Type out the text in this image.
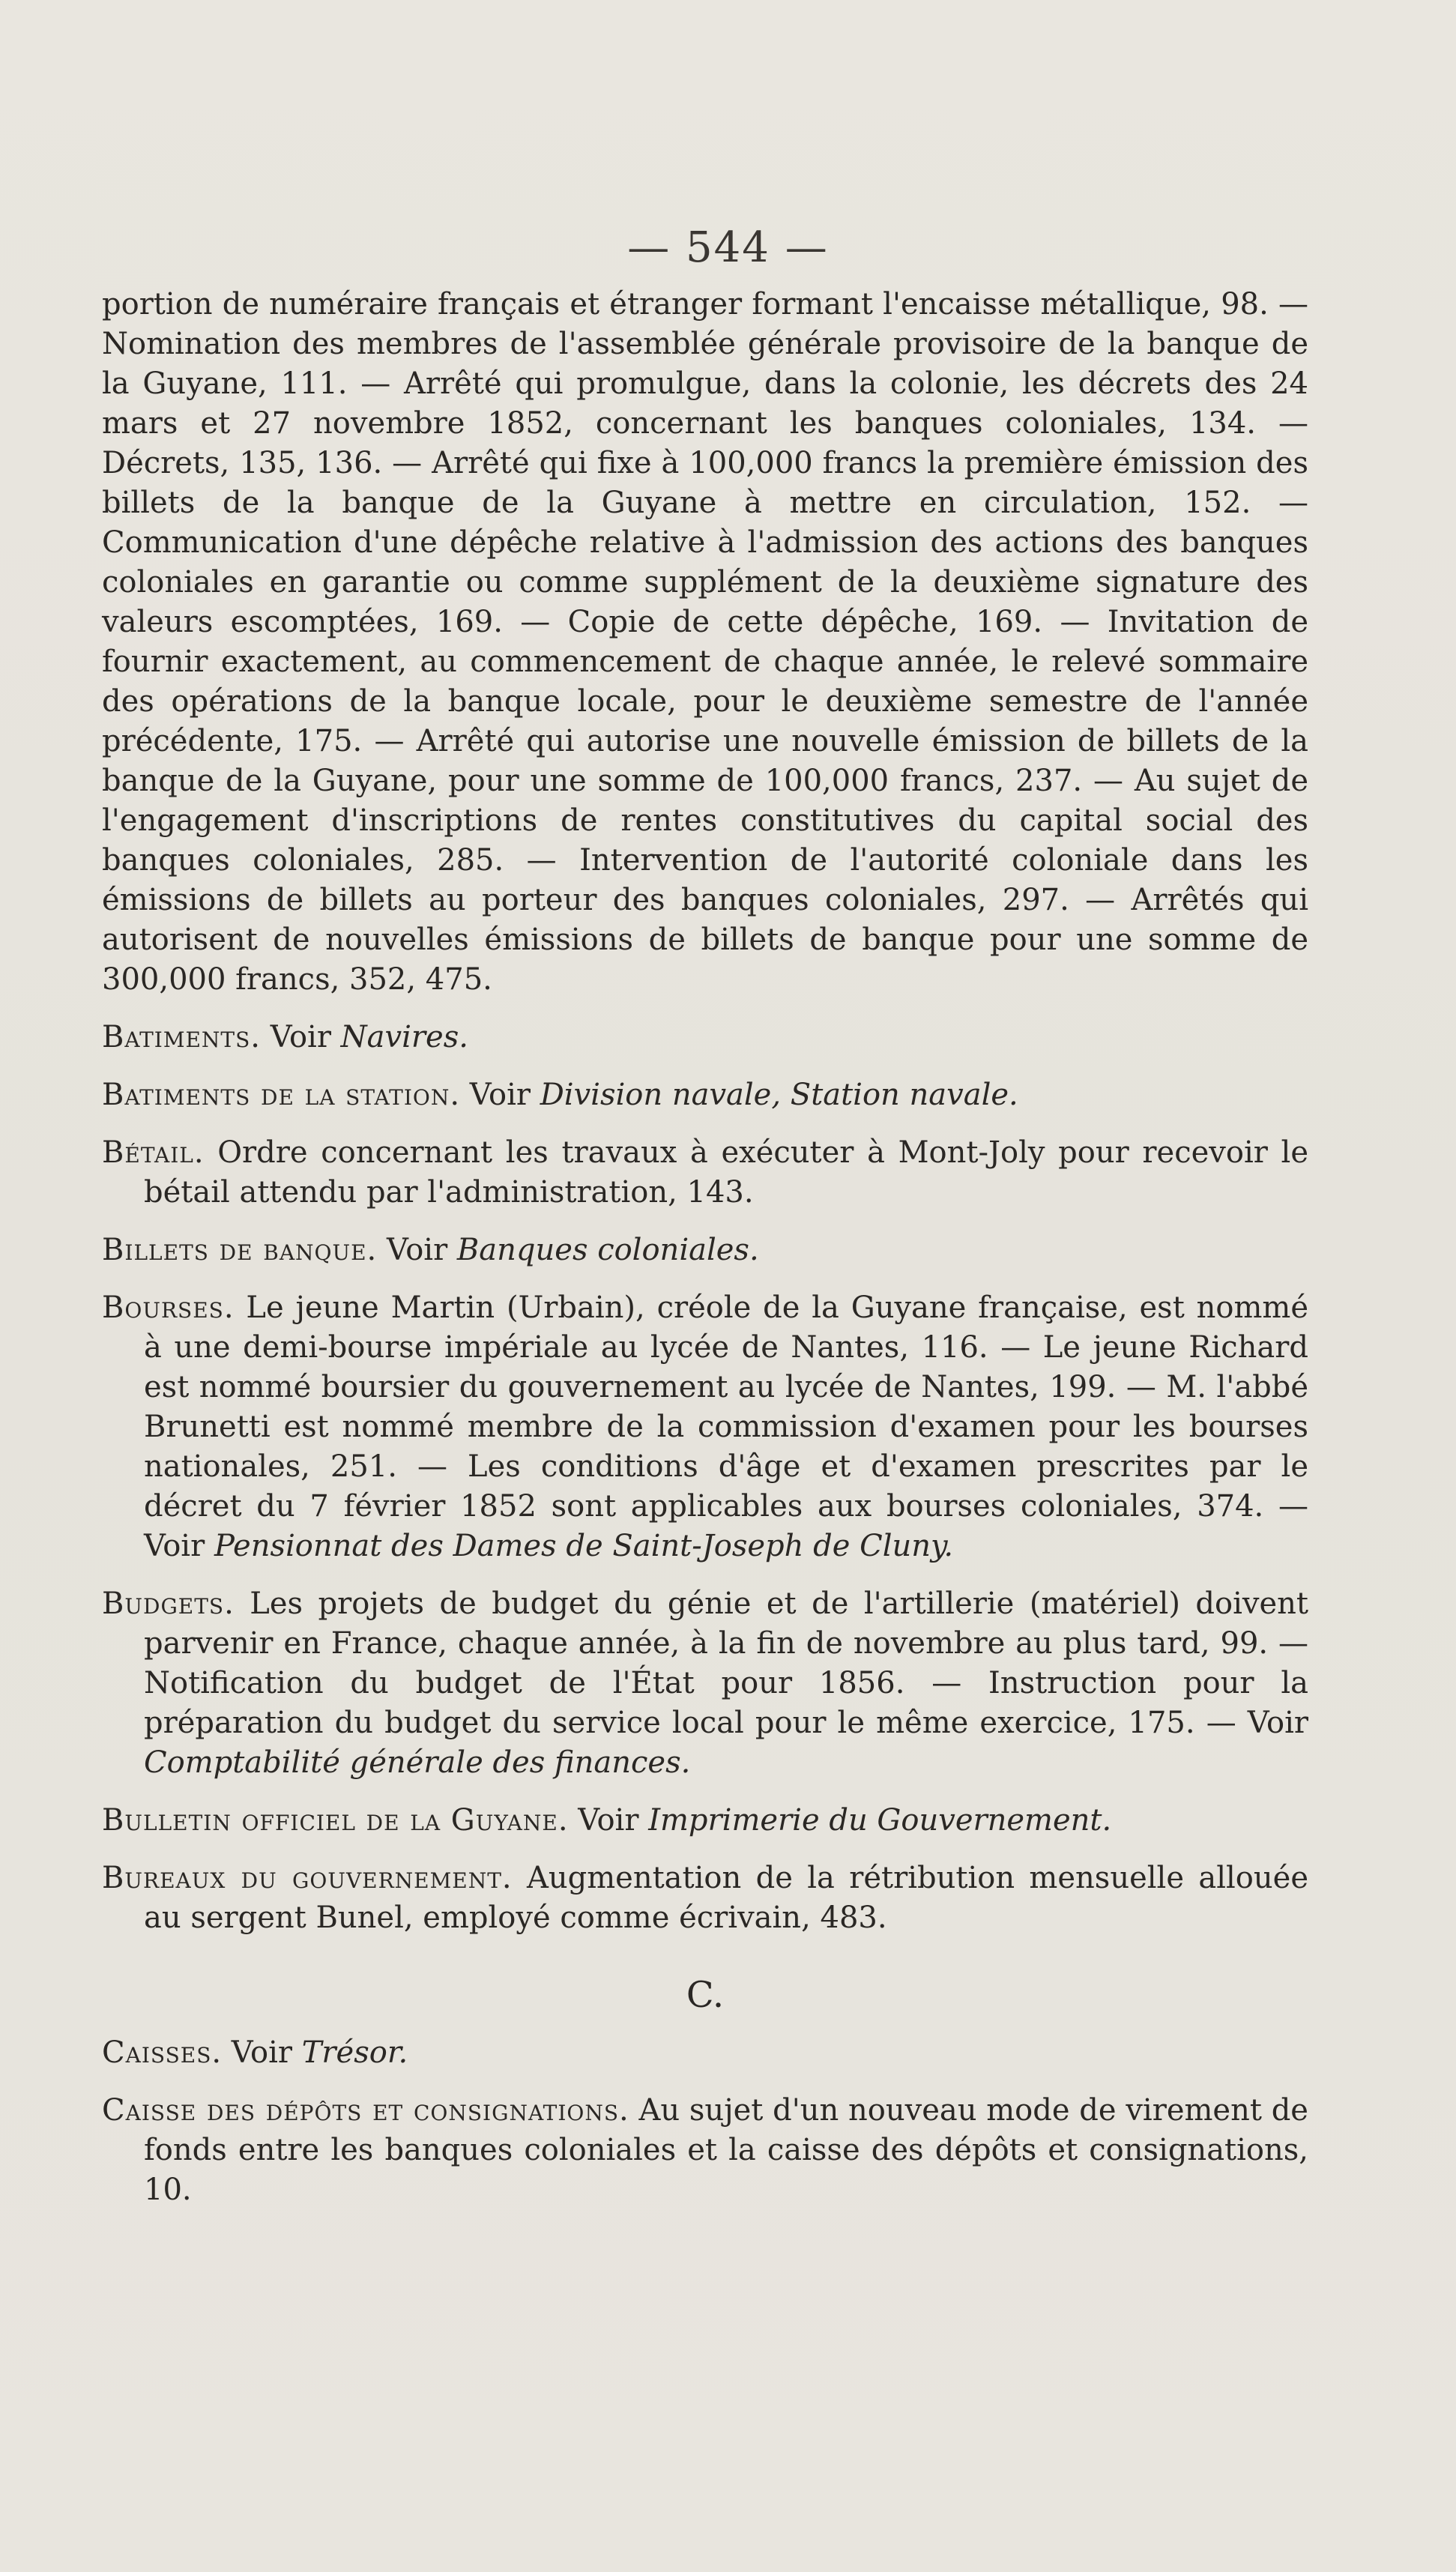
— 544 —

portion de numéraire français et étranger formant l'encaisse métallique, 98. —Nomination des membres de l'assemblée générale provisoire de la banque de la Guyane, 111. — Arrêté qui promulgue, dans la colonie, les décrets des 24 mars et 27 novembre 1852, concernant les banques coloniales, 134. — Décrets, 135, 136. — Arrêté qui fixe à 100,000 francs la première émission des billets de la banque de la Guyane à mettre en circulation, 152. — Communication d'une dépêche relative à l'admission des actions des banques coloniales en garantie ou comme supplément de la deuxième signature des valeurs escomptées, 169. — Copie de cette dépêche, 169. — Invitation de fournir exactement, au commencement de chaque année, le relevé sommaire des opérations de la banque locale, pour le deuxième semestre de l'année précédente, 175. — Arrêté qui autorise une nouvelle émission de billets de la banque de la Guyane, pour une somme de 100,000 francs, 237. — Au sujet de l'engagement d'inscriptions de rentes constitutives du capital social des banques coloniales, 285. — Intervention de l'autorité coloniale dans les émissions de billets au porteur des banques coloniales, 297. — Arrêtés qui autorisent de nouvelles émissions de billets de banque pour une somme de 300,000 francs, 352, 475.

Batiments. Voir Navires.

Batiments de la station. Voir Division navale, Station navale.

Bétail. Ordre concernant les travaux à exécuter à Mont-Joly pour recevoir le bétail attendu par l'administration, 143.

Billets de banque. Voir Banques coloniales.

Bourses. Le jeune Martin (Urbain), créole de la Guyane française, est nommé à une demi-bourse impériale au lycée de Nantes, 116. — Le jeune Richard est nommé boursier du gouvernement au lycée de Nantes, 199. — M. l'abbé Brunetti est nommé membre de la commission d'examen pour les bourses nationales, 251. — Les conditions d'âge et d'examen prescrites par le décret du 7 février 1852 sont applicables aux bourses coloniales, 374. — Voir Pensionnat des Dames de Saint-Joseph de Cluny.

Budgets. Les projets de budget du génie et de l'artillerie (matériel) doivent parvenir en France, chaque année, à la fin de novembre au plus tard, 99. — Notification du budget de l'État pour 1856. — Instruction pour la préparation du budget du service local pour le même exercice, 175. — Voir Comptabilité générale des finances.

Bulletin officiel de la Guyane. Voir Imprimerie du Gouvernement.

Bureaux du gouvernement. Augmentation de la rétribution mensuelle allouée au sergent Bunel, employé comme écrivain, 483.

C.

Caisses. Voir Trésor.

Caisse des dépôts et consignations. Au sujet d'un nouveau mode de virement de fonds entre les banques coloniales et la caisse des dépôts et consignations, 10.
